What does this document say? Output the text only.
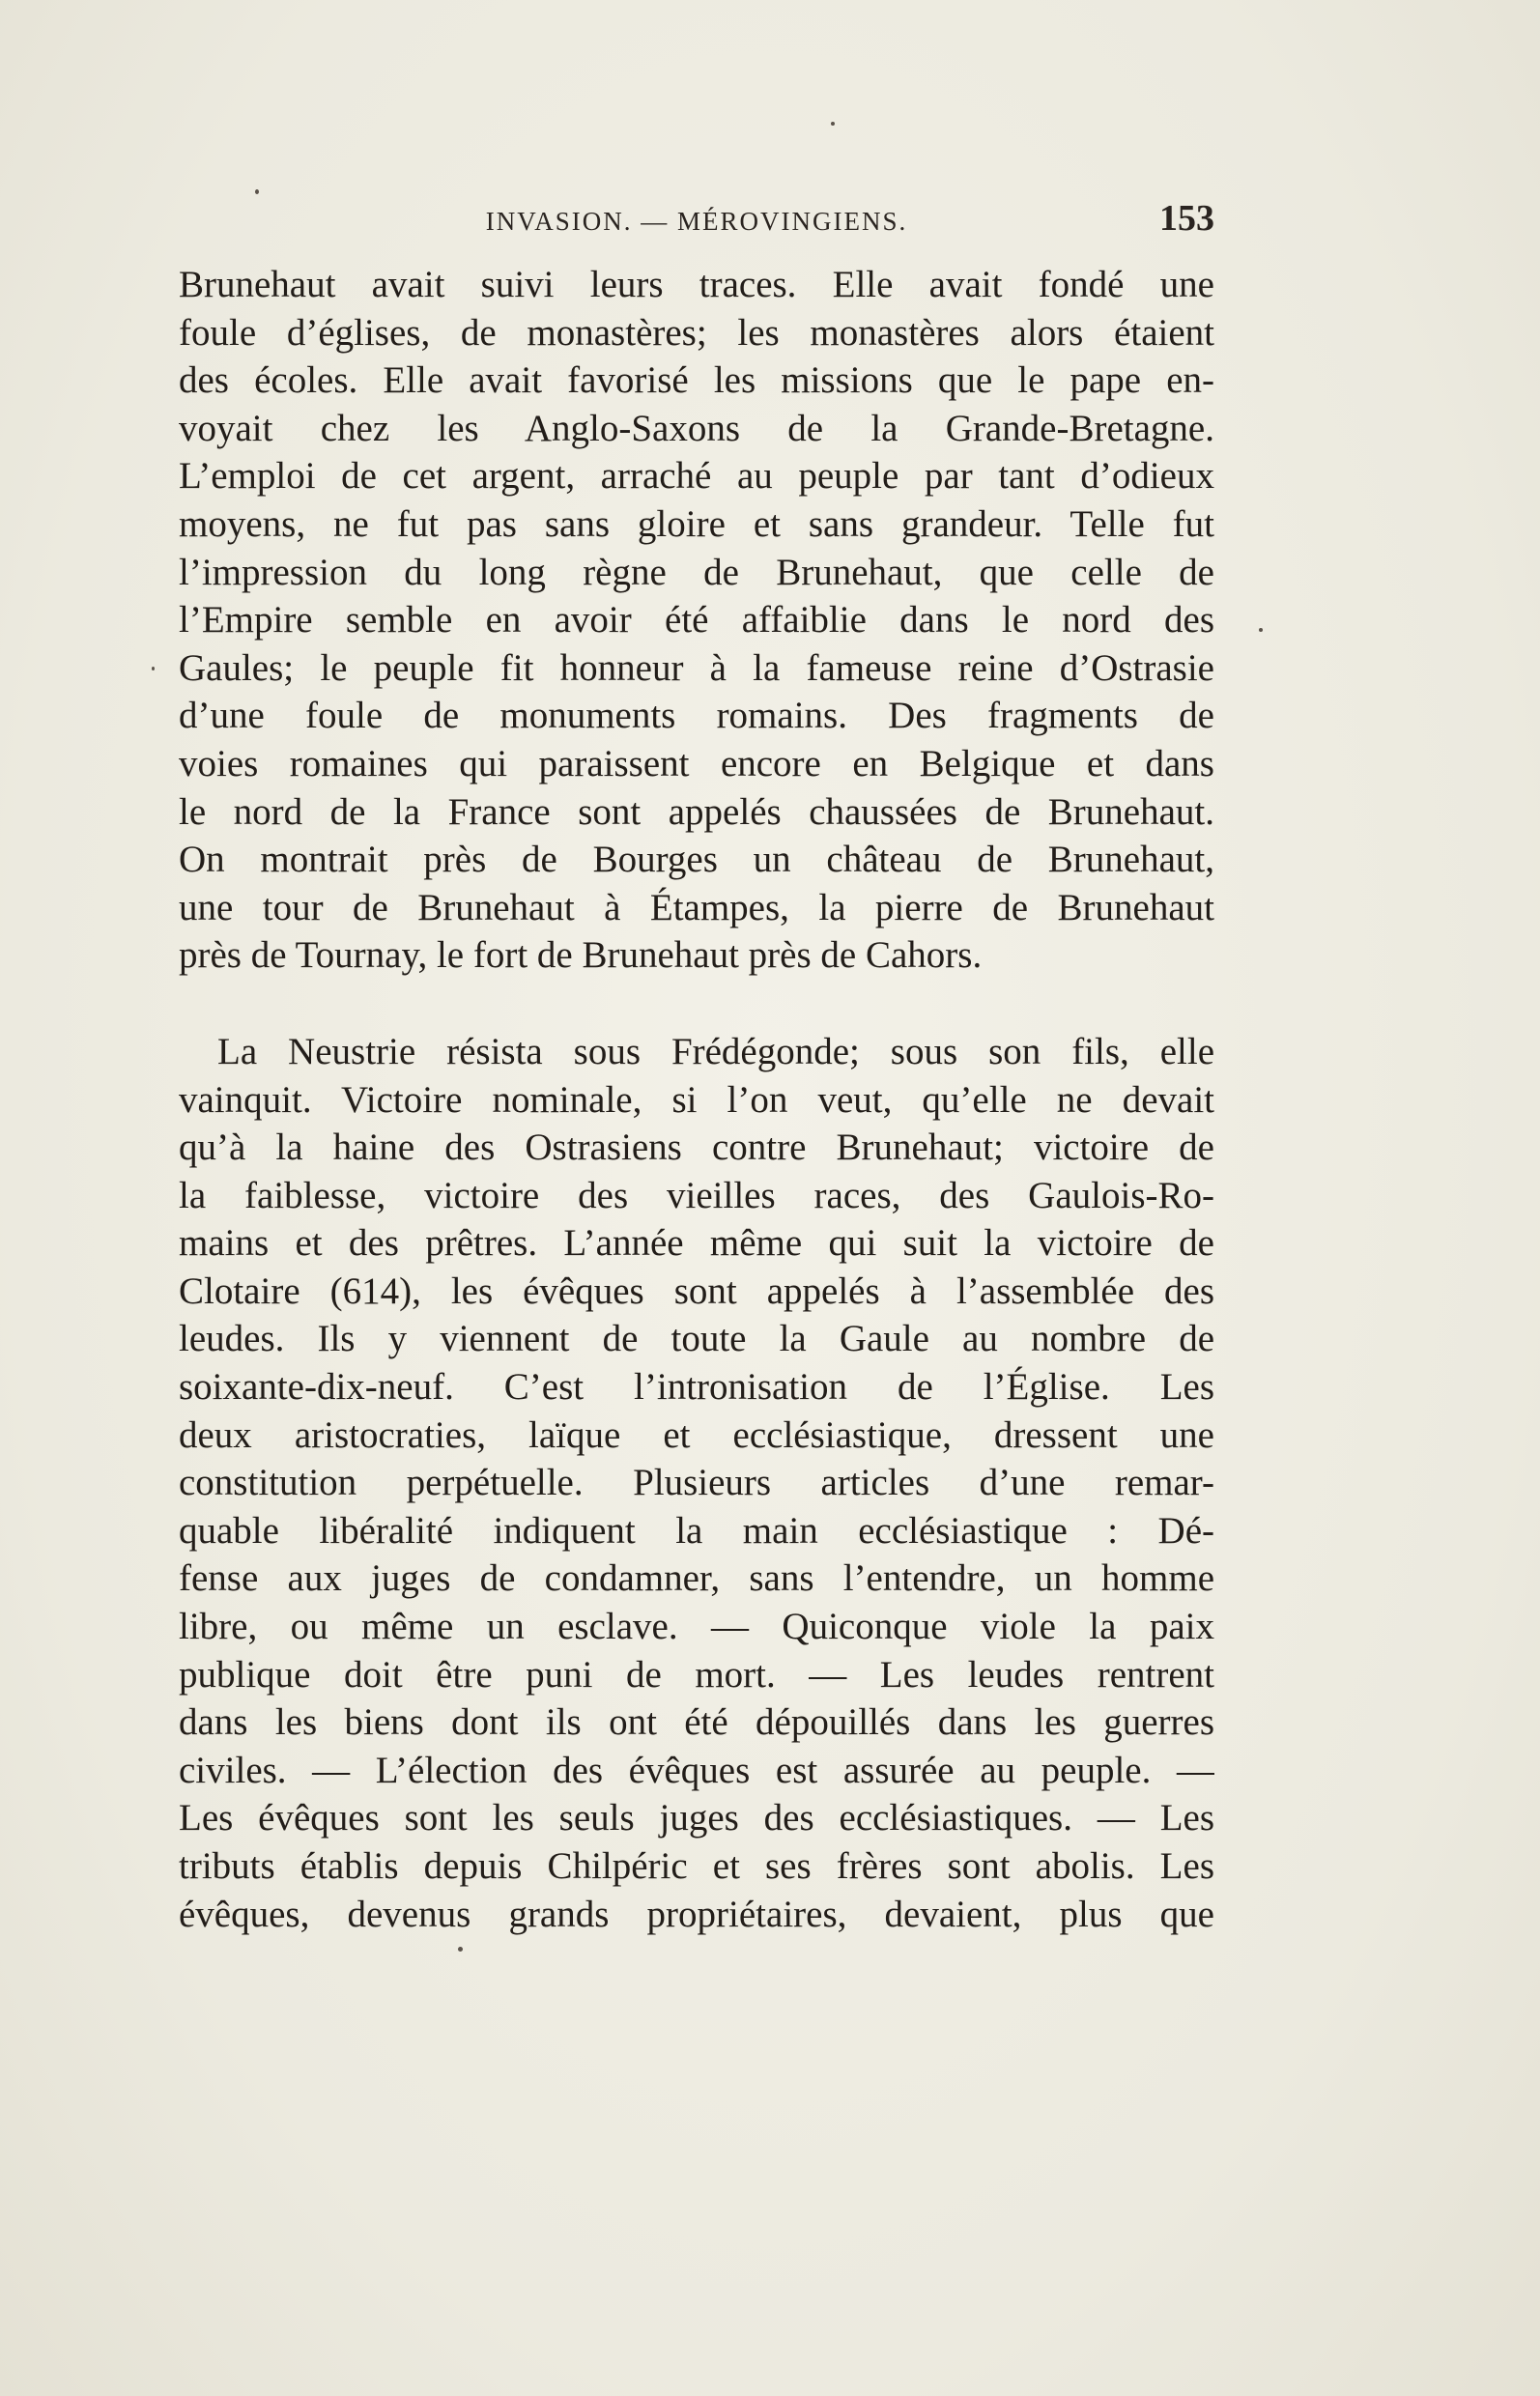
INVASION. — MÉROVINGIENS.	153
Brunehaut avait suivi leurs traces. Elle avait fondé une
foule d’églises, de monastères; les monastères alors étaient
des écoles. Elle avait favorisé les missions que le pape en-
voyait chez les Anglo-Saxons de la Grande-Bretagne.
L’emploi de cet argent, arraché au peuple par tant d’odieux
moyens, ne fut pas sans gloire et sans grandeur. Telle fut
l’impression du long règne de Brunehaut, que celle de
l’Empire semble en avoir été affaiblie dans le nord des
Gaules; le peuple fit honneur à la fameuse reine d’Ostrasie
d’une foule de monuments romains. Des fragments de
voies romaines qui paraissent encore en Belgique et dans
le nord de la France sont appelés chaussées de Brunehaut.
On montrait près de Bourges un château de Brunehaut,
une tour de Brunehaut à Étampes, la pierre de Brunehaut
près de Tournay, le fort de Brunehaut près de Cahors.
La Neustrie résista sous Frédégonde; sous son fils, elle
vainquit. Victoire nominale, si l’on veut, qu’elle ne devait
qu’à la haine des Ostrasiens contre Brunehaut; victoire de
la faiblesse, victoire des vieilles races, des Gaulois-Ro-
mains et des prêtres. L’année même qui suit la victoire de
Clotaire (614), les évêques sont appelés à l’assemblée des
leudes. Ils y viennent de toute la Gaule au nombre de
soixante-dix-neuf. C’est l’intronisation de l’Église. Les
deux aristocraties, laïque et ecclésiastique, dressent une
constitution perpétuelle. Plusieurs articles d’une remar-
quable libéralité indiquent la main ecclésiastique : Dé-
fense aux juges de condamner, sans l’entendre, un homme
libre, ou même un esclave. — Quiconque viole la paix
publique doit être puni de mort. — Les leudes rentrent
dans les biens dont ils ont été dépouillés dans les guerres
civiles. — L’élection des évêques est assurée au peuple. —
Les évêques sont les seuls juges des ecclésiastiques. — Les
tributs établis depuis Chilpéric et ses frères sont abolis. Les
évêques, devenus grands propriétaires, devaient, plus que
